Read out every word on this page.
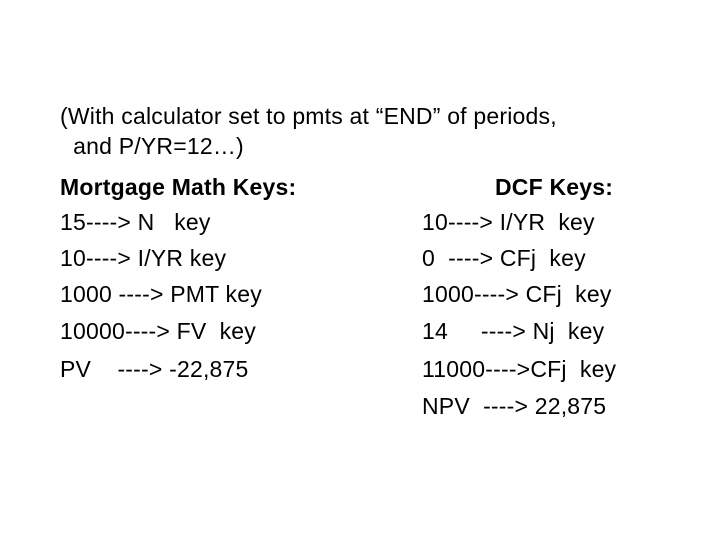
(With calculator set to pmts at “END” of periods,
and P/YR=12…)
Mortgage Math Keys:	DCF Keys:
15----> N   key
10----> I/YR key
1000 ----> PMT key
10000----> FV  key
PV    ----> -22,875
10----> I/YR  key
0  ----> CFj  key
1000----> CFj  key
14     ----> Nj  key
11000---->CFj  key
NPV  ----> 22,875
